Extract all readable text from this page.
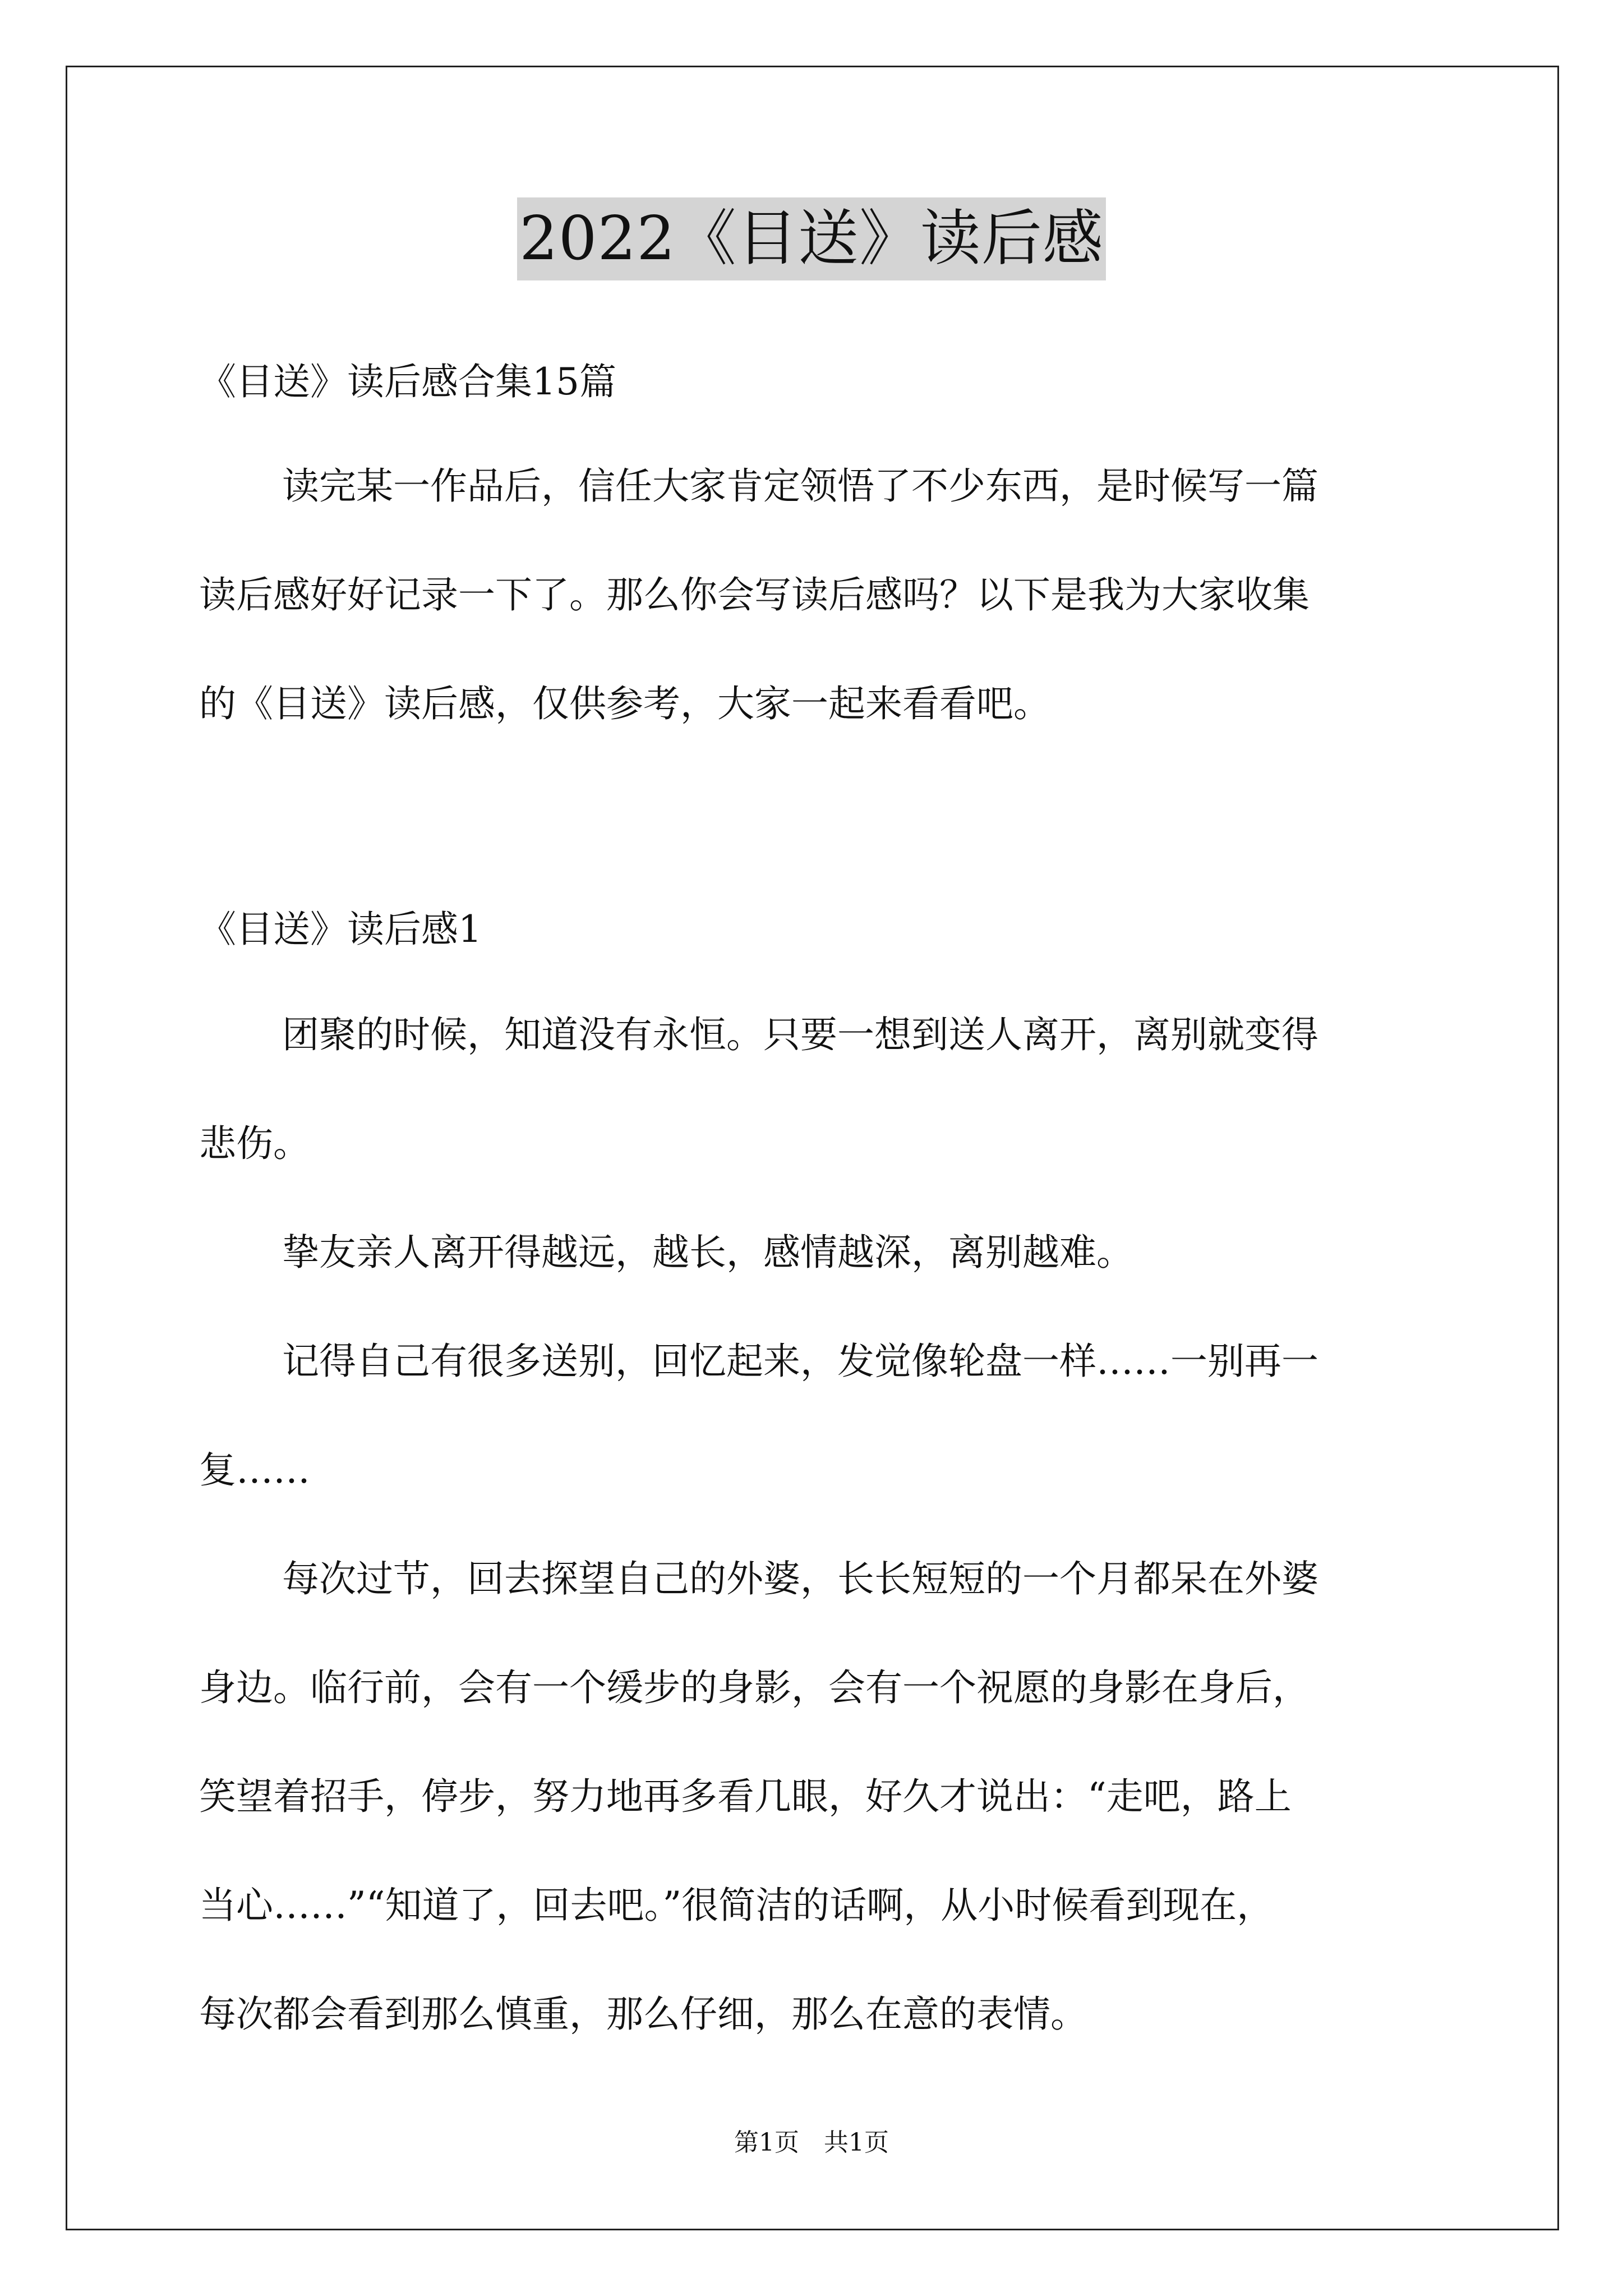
2022《目送》读后感

《目送》读后感合集15篇

读完某一作品后，信任大家肯定领悟了不少东西，是时候写一篇
读后感好好记录一下了。那么你会写读后感吗？以下是我为大家收集
的《目送》读后感，仅供参考，大家一起来看看吧。

《目送》读后感1

团聚的时候，知道没有永恒。只要一想到送人离开，离别就变得
悲伤。
挚友亲人离开得越远，越长，感情越深，离别越难。
记得自己有很多送别，回忆起来，发觉像轮盘一样……一别再一
复……
每次过节，回去探望自己的外婆，长长短短的一个月都呆在外婆
身边。临行前，会有一个缓步的身影，会有一个祝愿的身影在身后，
笑望着招手，停步，努力地再多看几眼，好久才说出：“走吧，路上
当心……”“知道了，回去吧。”很简洁的话啊，从小时候看到现在，
每次都会看到那么慎重，那么仔细，那么在意的表情。
第1页　共1页
